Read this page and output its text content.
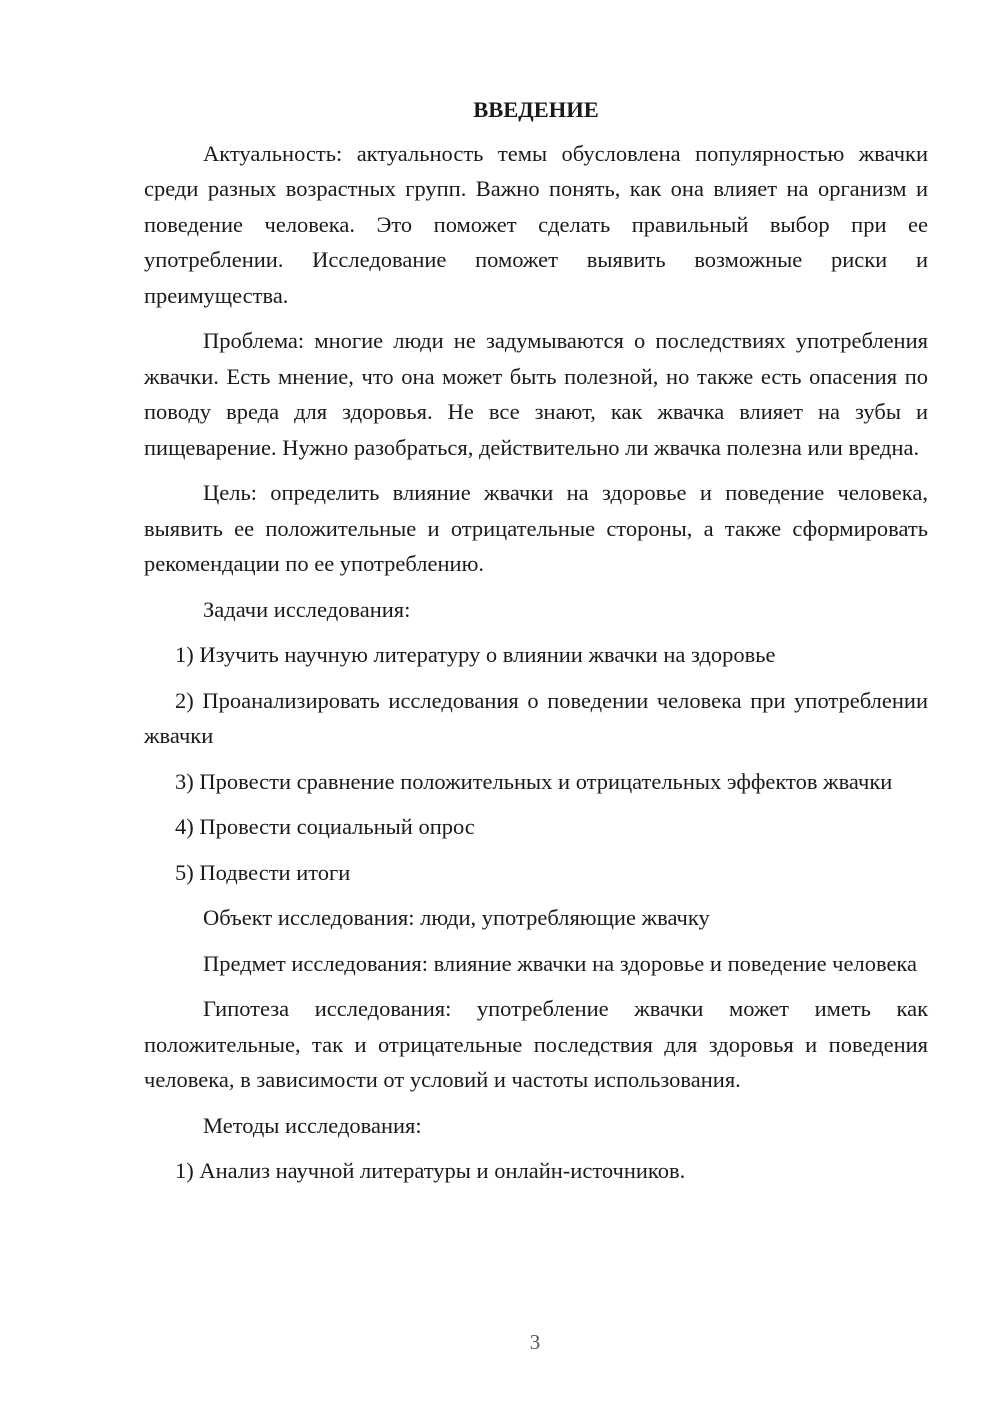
ВВЕДЕНИЕ

Актуальность: актуальность темы обусловлена популярностью жвачки среди разных возрастных групп. Важно понять, как она влияет на организм и поведение человека. Это поможет сделать правильный выбор при ее употреблении. Исследование поможет выявить возможные риски и преимущества.

Проблема: многие люди не задумываются о последствиях употребления жвачки. Есть мнение, что она может быть полезной, но также есть опасения по поводу вреда для здоровья. Не все знают, как жвачка влияет на зубы и пищеварение. Нужно разобраться, действительно ли жвачка полезна или вредна.

Цель: определить влияние жвачки на здоровье и поведение человека, выявить ее положительные и отрицательные стороны, а также сформировать рекомендации по ее употреблению.

Задачи исследования:

1) Изучить научную литературу о влиянии жвачки на здоровье

2) Проанализировать исследования о поведении человека при употреблении жвачки

3) Провести сравнение положительных и отрицательных эффектов жвачки

4) Провести социальный опрос

5) Подвести итоги

Объект исследования: люди, употребляющие жвачку

Предмет исследования: влияние жвачки на здоровье и поведение человека

Гипотеза исследования: употребление жвачки может иметь как положительные, так и отрицательные последствия для здоровья и поведения человека, в зависимости от условий и частоты использования.

Методы исследования:

1) Анализ научной литературы и онлайн-источников.

3
